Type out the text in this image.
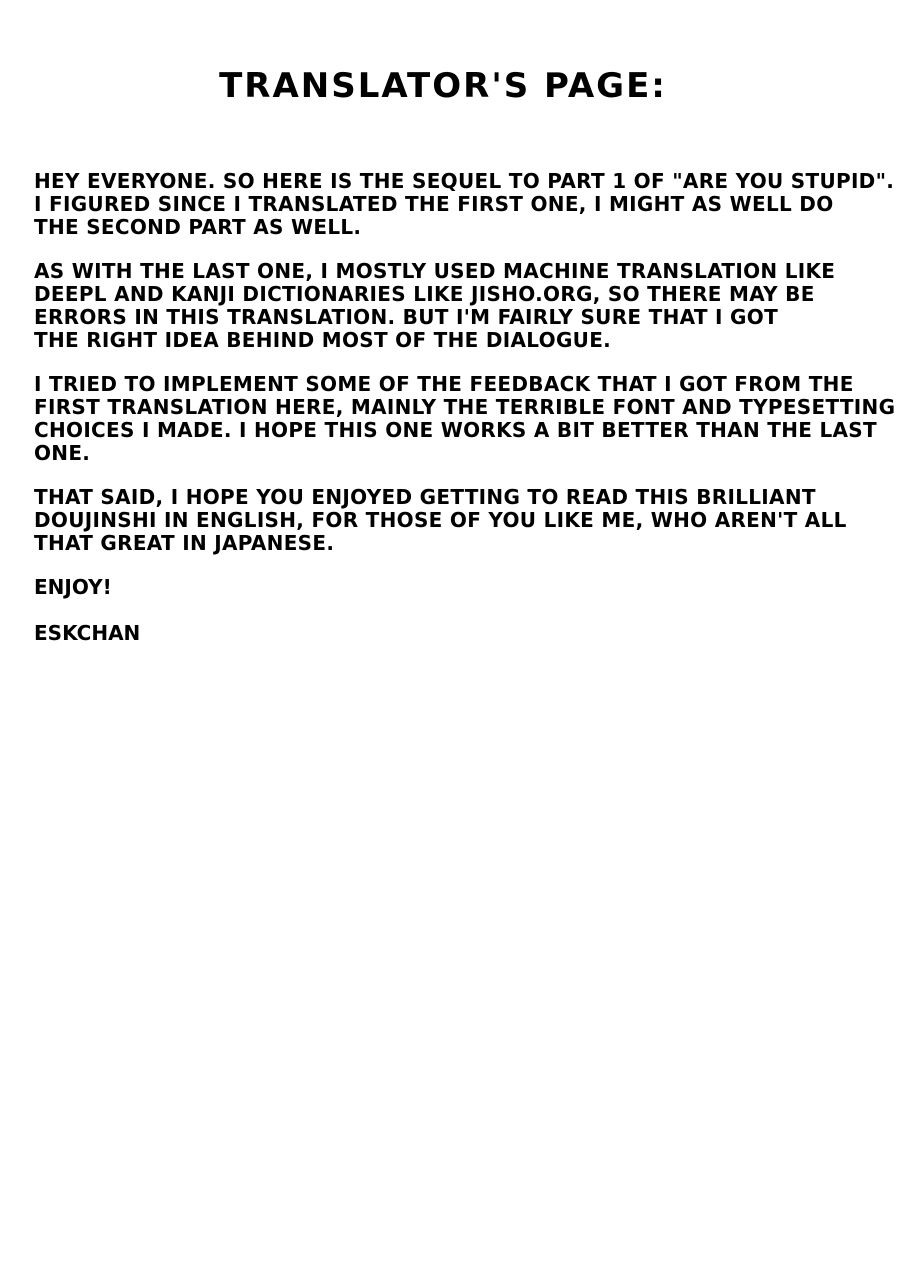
TRANSLATOR'S PAGE:

HEY EVERYONE. SO HERE IS THE SEQUEL TO PART 1 OF "ARE YOU STUPID".
I FIGURED SINCE I TRANSLATED THE FIRST ONE, I MIGHT AS WELL DO
THE SECOND PART AS WELL.

AS WITH THE LAST ONE, I MOSTLY USED MACHINE TRANSLATION LIKE
DEEPL AND KANJI DICTIONARIES LIKE JISHO.ORG, SO THERE MAY BE
ERRORS IN THIS TRANSLATION. BUT I'M FAIRLY SURE THAT I GOT
THE RIGHT IDEA BEHIND MOST OF THE DIALOGUE.

I TRIED TO IMPLEMENT SOME OF THE FEEDBACK THAT I GOT FROM THE
FIRST TRANSLATION HERE, MAINLY THE TERRIBLE FONT AND TYPESETTING
CHOICES I MADE. I HOPE THIS ONE WORKS A BIT BETTER THAN THE LAST
ONE.

THAT SAID, I HOPE YOU ENJOYED GETTING TO READ THIS BRILLIANT
DOUJINSHI IN ENGLISH, FOR THOSE OF YOU LIKE ME, WHO AREN'T ALL
THAT GREAT IN JAPANESE.

ENJOY!

ESKCHAN
